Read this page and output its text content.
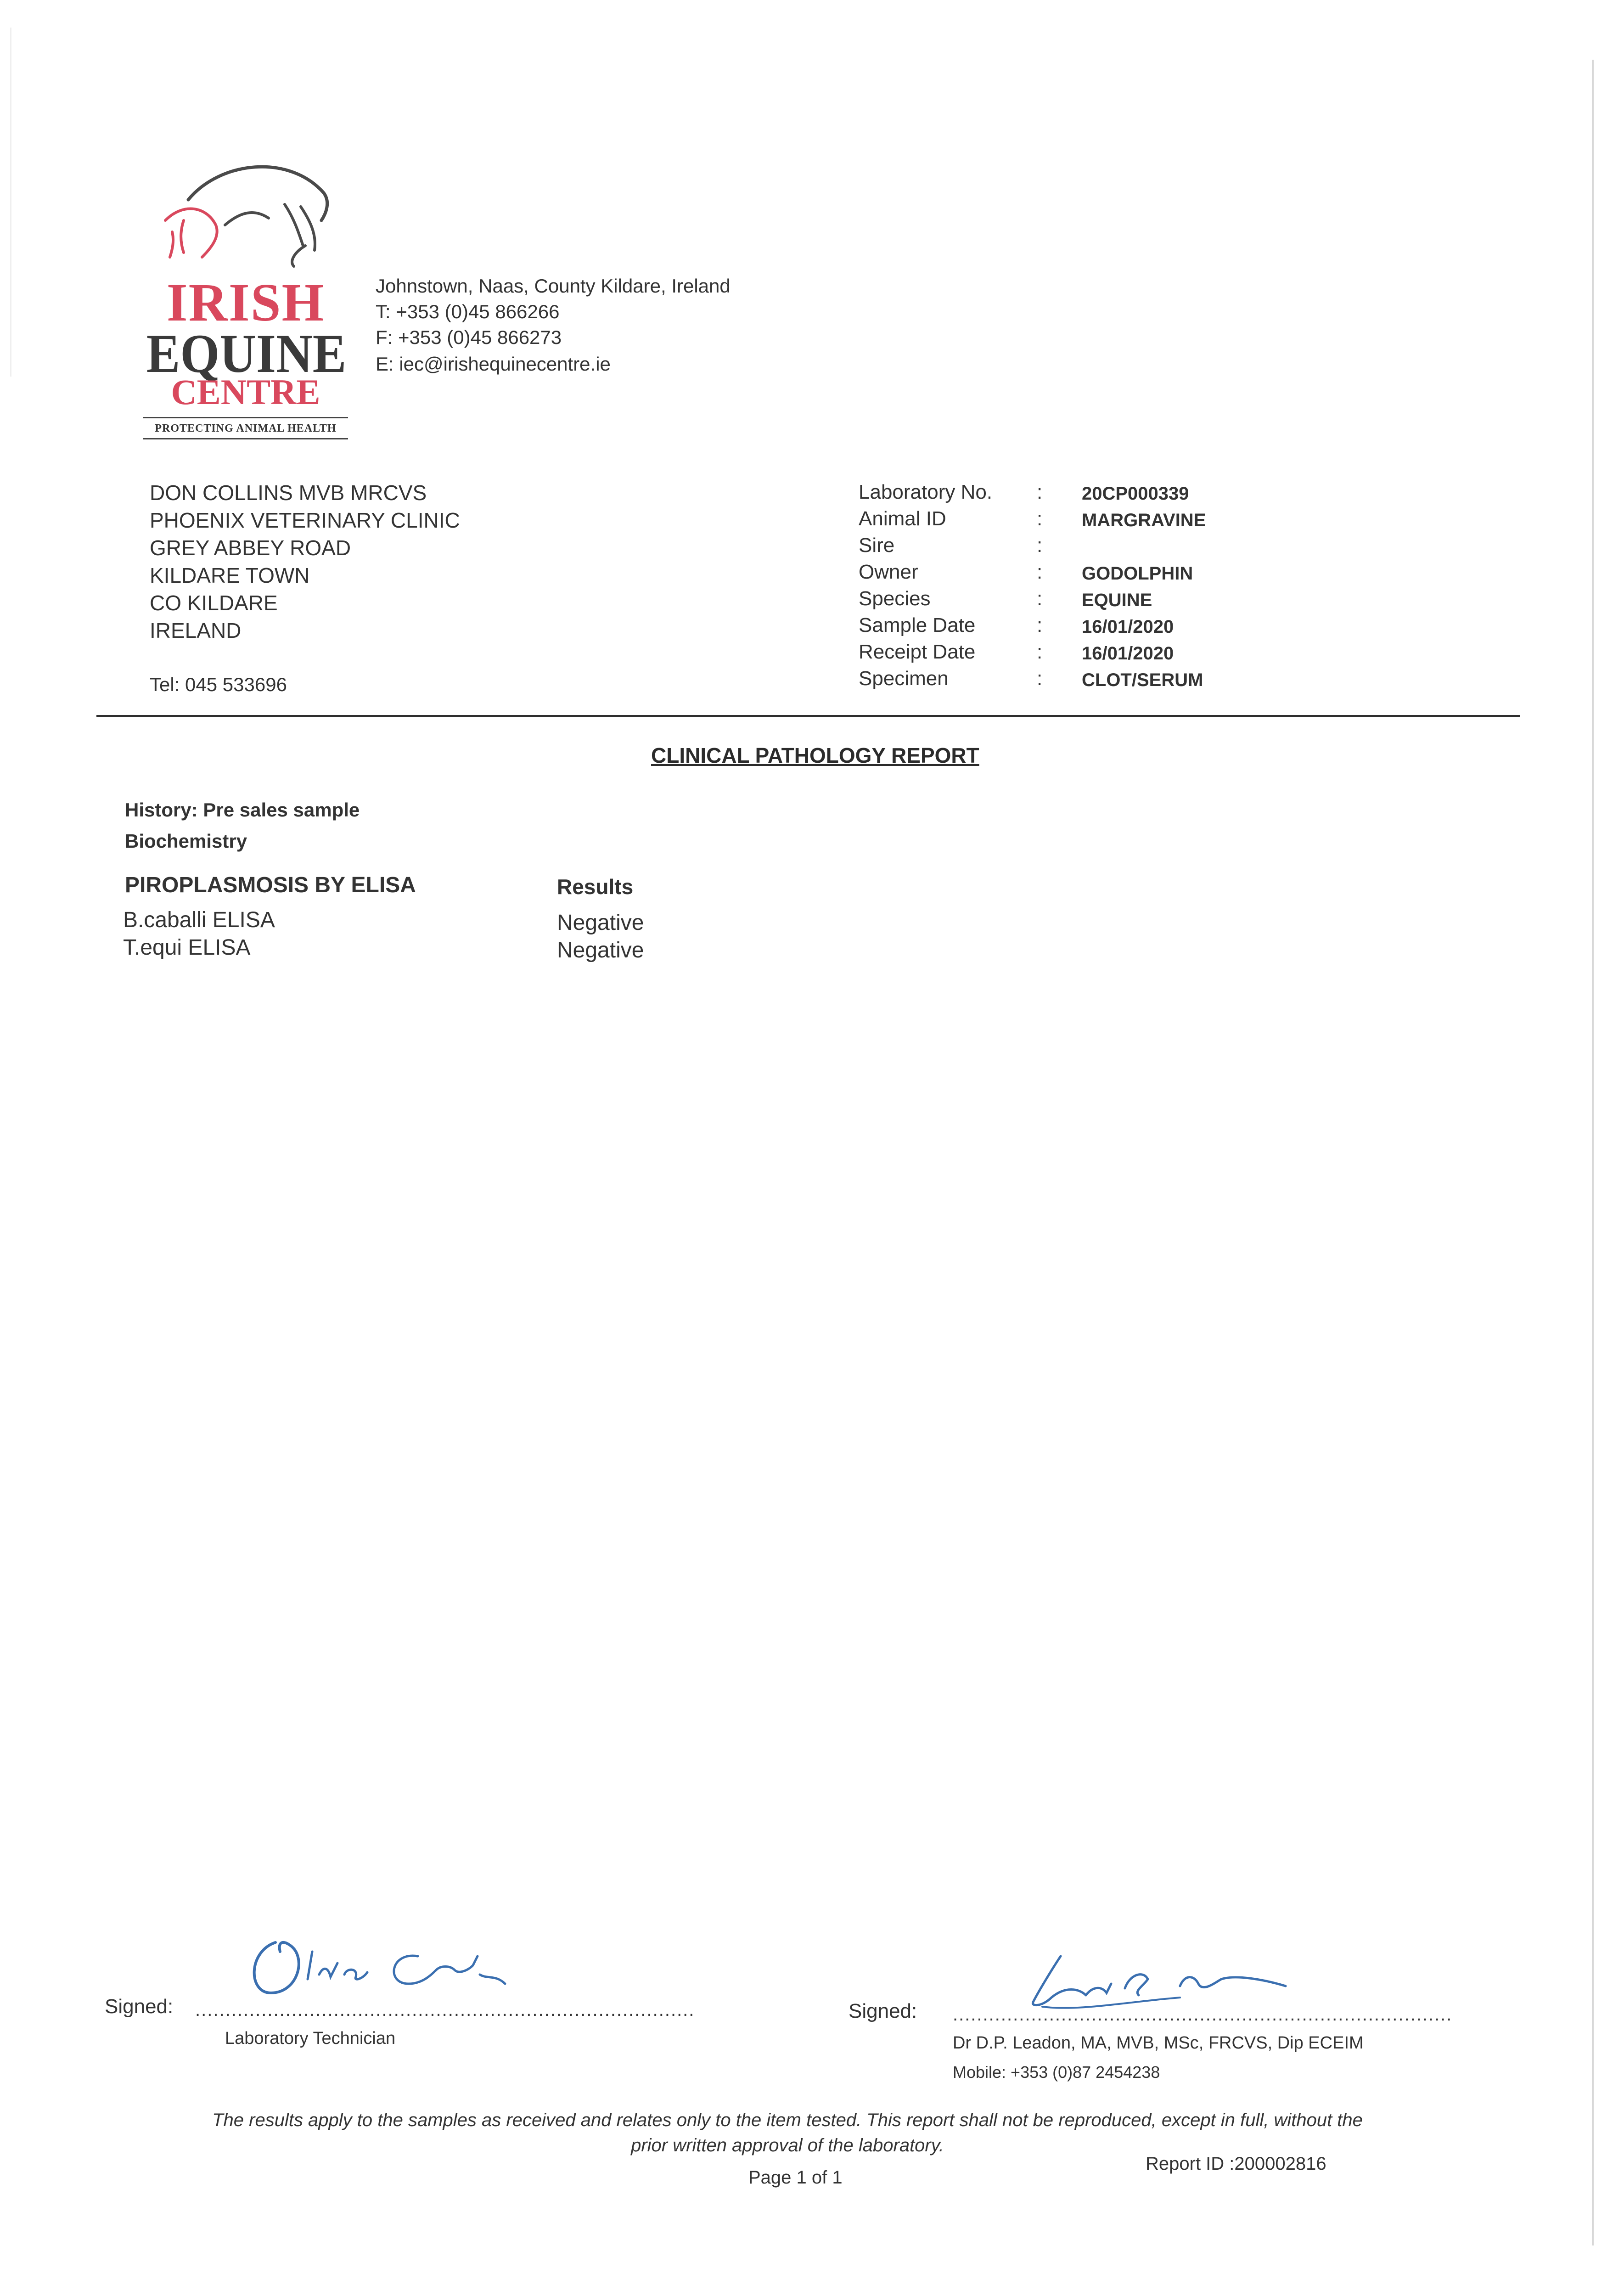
IRISH
EQUINE
CENTRE
PROTECTING ANIMAL HEALTH
Johnstown, Naas, County Kildare, Ireland
T: +353 (0)45 866266
F: +353 (0)45 866273
E: iec@irishequinecentre.ie
DON COLLINS MVB MRCVS
PHOENIX VETERINARY CLINIC
GREY ABBEY ROAD
KILDARE TOWN
CO KILDARE
IRELAND
Tel: 045 533696
Laboratory No. : 20CP000339
Animal ID	: MARGRAVINE
Sire	:
Owner	: GODOLPHIN
Species	: EQUINE
Sample Date	: 16/01/2020
Receipt Date	: 16/01/2020
Specimen	: CLOT/SERUM
CLINICAL PATHOLOGY REPORT
History: Pre sales sample
Biochemistry
PIROPLASMOSIS BY ELISA	Results
B.caballi ELISA	Negative
T.equi ELISA	Negative
Signed: ...................................................................................
Laboratory Technician
Signed: ...................................................................................
Dr D.P. Leadon, MA, MVB, MSc, FRCVS, Dip ECEIM
Mobile: +353 (0)87 2454238
The results apply to the samples as received and relates only to the item tested. This report shall not be reproduced, except in full, without the
prior written approval of the laboratory.
Report ID :200002816
Page 1 of 1
